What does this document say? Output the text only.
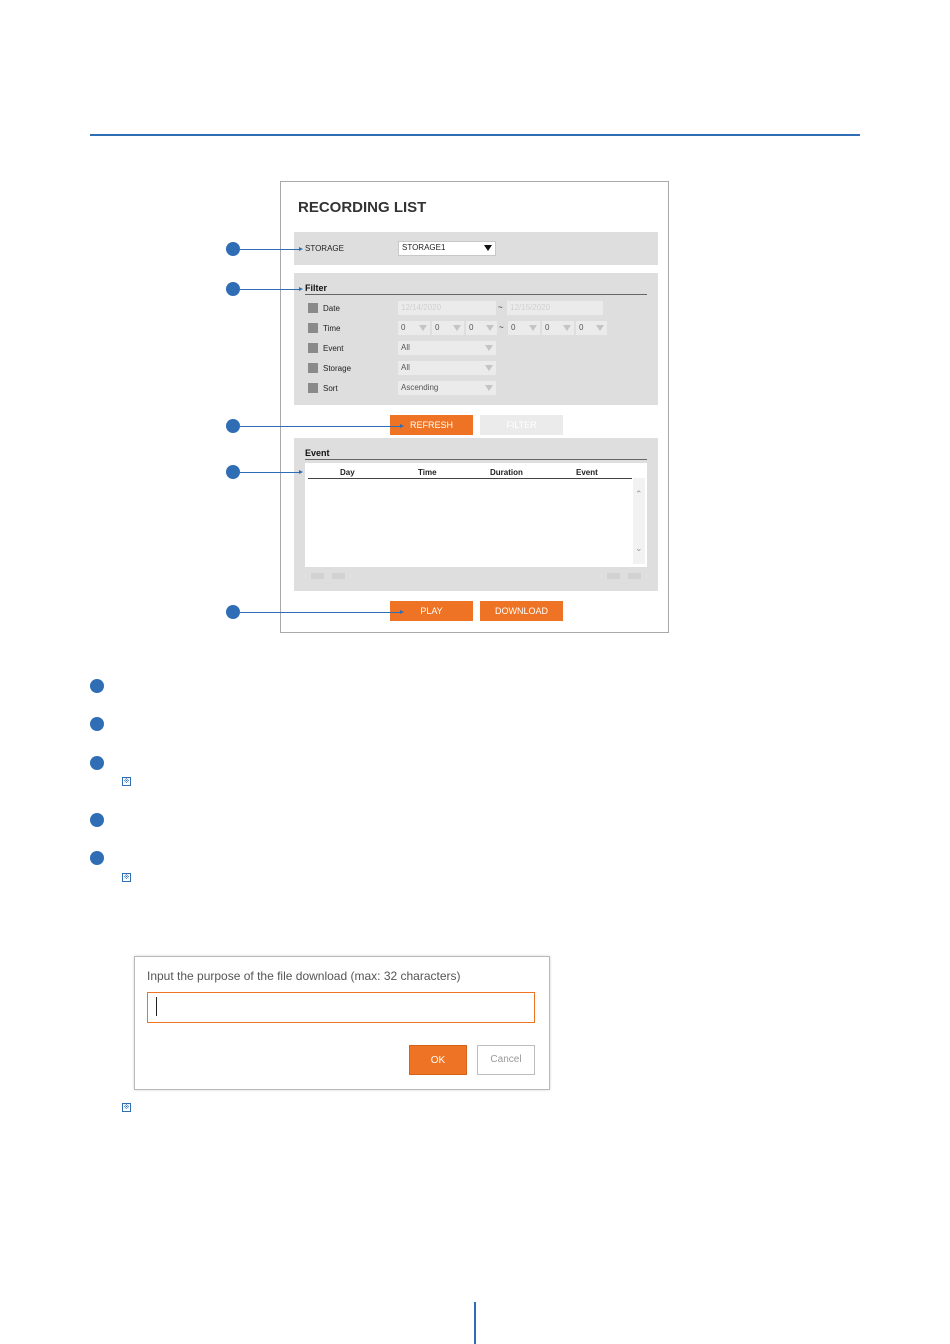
RECORDING LIST
STORAGE	STORAGE1
Filter
Date	12/14/2020	~ 12/15/2020
Time	0	0	0	~ 0	0	0
Event	All
Storage	All
Sort	Ascending
REFRESH	FILTER
Event
Day	Time	Duration	Event
⌃
⌄
PLAY	DOWNLOAD
※
※
Input the purpose of the file download (max: 32 characters)
OK	Cancel
※
